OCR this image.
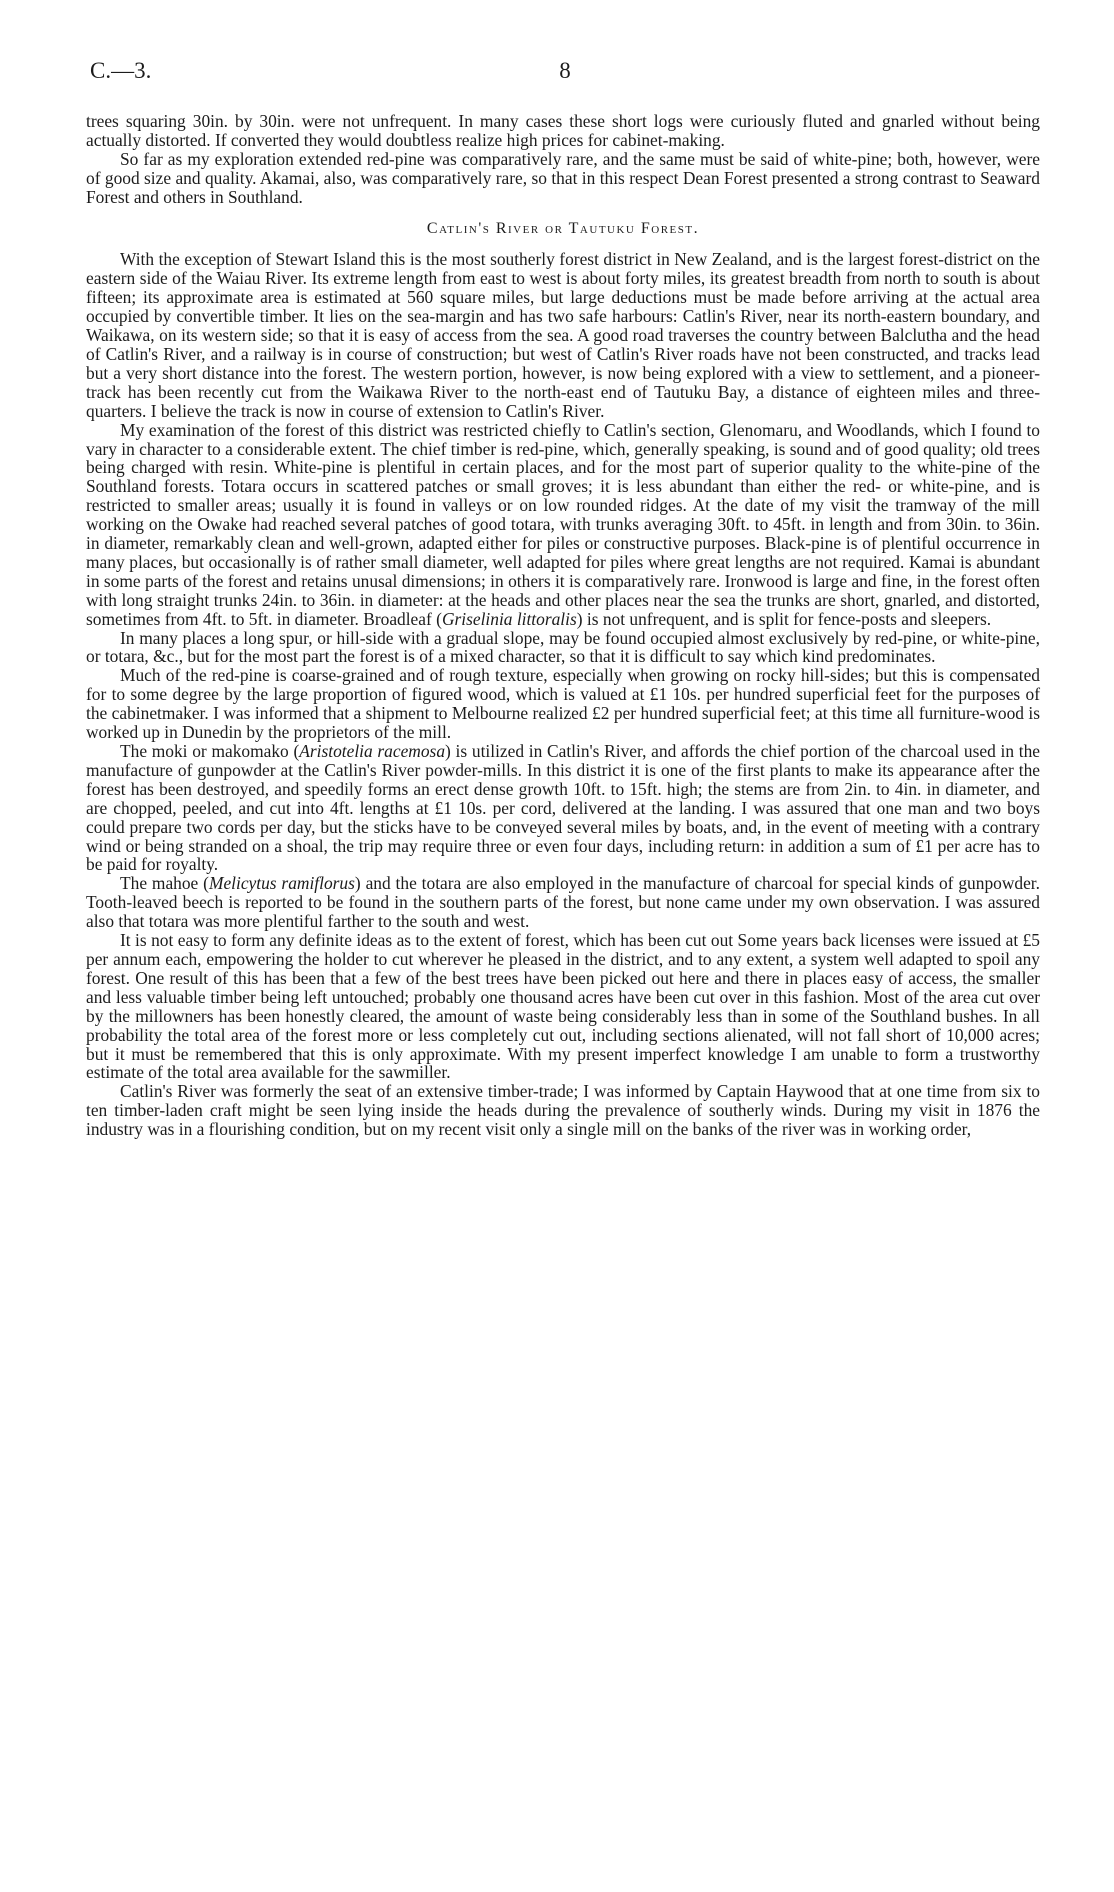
C.—3.	8

trees squaring 30in. by 30in. were not unfrequent. In many cases these short logs were curiously fluted and gnarled without being actually distorted. If converted they would doubtless realize high prices for cabinet-making.

So far as my exploration extended red-pine was comparatively rare, and the same must be said of white-pine; both, however, were of good size and quality. Akamai, also, was comparatively rare, so that in this respect Dean Forest presented a strong contrast to Seaward Forest and others in Southland.

Catlin's River or Tautuku Forest.

With the exception of Stewart Island this is the most southerly forest district in New Zealand, and is the largest forest-district on the eastern side of the Waiau River. Its extreme length from east to west is about forty miles, its greatest breadth from north to south is about fifteen; its approximate area is estimated at 560 square miles, but large deductions must be made before arriving at the actual area occupied by convertible timber. It lies on the sea-margin and has two safe harbours: Catlin's River, near its north-eastern boundary, and Waikawa, on its western side; so that it is easy of access from the sea. A good road traverses the country between Balclutha and the head of Catlin's River, and a railway is in course of construction; but west of Catlin's River roads have not been constructed, and tracks lead but a very short distance into the forest. The western portion, however, is now being explored with a view to settlement, and a pioneer-track has been recently cut from the Waikawa River to the north-east end of Tautuku Bay, a distance of eighteen miles and three-quarters. I believe the track is now in course of extension to Catlin's River.

My examination of the forest of this district was restricted chiefly to Catlin's section, Glenomaru, and Woodlands, which I found to vary in character to a considerable extent. The chief timber is red-pine, which, generally speaking, is sound and of good quality; old trees being charged with resin. White-pine is plentiful in certain places, and for the most part of superior quality to the white-pine of the Southland forests. Totara occurs in scattered patches or small groves; it is less abundant than either the red- or white-pine, and is restricted to smaller areas; usually it is found in valleys or on low rounded ridges. At the date of my visit the tramway of the mill working on the Owake had reached several patches of good totara, with trunks averaging 30ft. to 45ft. in length and from 30in. to 36in. in diameter, remarkably clean and well-grown, adapted either for piles or constructive purposes. Black-pine is of plentiful occurrence in many places, but occasionally is of rather small diameter, well adapted for piles where great lengths are not required. Kamai is abundant in some parts of the forest and retains unusal dimensions; in others it is comparatively rare. Ironwood is large and fine, in the forest often with long straight trunks 24in. to 36in. in diameter: at the heads and other places near the sea the trunks are short, gnarled, and distorted, sometimes from 4ft. to 5ft. in diameter. Broadleaf (Griselinia littoralis) is not unfrequent, and is split for fence-posts and sleepers.

In many places a long spur, or hill-side with a gradual slope, may be found occupied almost exclusively by red-pine, or white-pine, or totara, &c., but for the most part the forest is of a mixed character, so that it is difficult to say which kind predominates.

Much of the red-pine is coarse-grained and of rough texture, especially when growing on rocky hill-sides; but this is compensated for to some degree by the large proportion of figured wood, which is valued at £1 10s. per hundred superficial feet for the purposes of the cabinetmaker. I was informed that a shipment to Melbourne realized £2 per hundred superficial feet; at this time all furniture-wood is worked up in Dunedin by the proprietors of the mill.

The moki or makomako (Aristotelia racemosa) is utilized in Catlin's River, and affords the chief portion of the charcoal used in the manufacture of gunpowder at the Catlin's River powder-mills. In this district it is one of the first plants to make its appearance after the forest has been destroyed, and speedily forms an erect dense growth 10ft. to 15ft. high; the stems are from 2in. to 4in. in diameter, and are chopped, peeled, and cut into 4ft. lengths at £1 10s. per cord, delivered at the landing. I was assured that one man and two boys could prepare two cords per day, but the sticks have to be conveyed several miles by boats, and, in the event of meeting with a contrary wind or being stranded on a shoal, the trip may require three or even four days, including return: in addition a sum of £1 per acre has to be paid for royalty.

The mahoe (Melicytus ramiflorus) and the totara are also employed in the manufacture of charcoal for special kinds of gunpowder. Tooth-leaved beech is reported to be found in the southern parts of the forest, but none came under my own observation. I was assured also that totara was more plentiful farther to the south and west.

It is not easy to form any definite ideas as to the extent of forest, which has been cut out Some years back licenses were issued at £5 per annum each, empowering the holder to cut wherever he pleased in the district, and to any extent, a system well adapted to spoil any forest. One result of this has been that a few of the best trees have been picked out here and there in places easy of access, the smaller and less valuable timber being left untouched; probably one thousand acres have been cut over in this fashion. Most of the area cut over by the millowners has been honestly cleared, the amount of waste being considerably less than in some of the Southland bushes. In all probability the total area of the forest more or less completely cut out, including sections alienated, will not fall short of 10,000 acres; but it must be remembered that this is only approximate. With my present imperfect knowledge I am unable to form a trustworthy estimate of the total area available for the sawmiller.

Catlin's River was formerly the seat of an extensive timber-trade; I was informed by Captain Haywood that at one time from six to ten timber-laden craft might be seen lying inside the heads during the prevalence of southerly winds. During my visit in 1876 the industry was in a flourishing condition, but on my recent visit only a single mill on the banks of the river was in working order,
